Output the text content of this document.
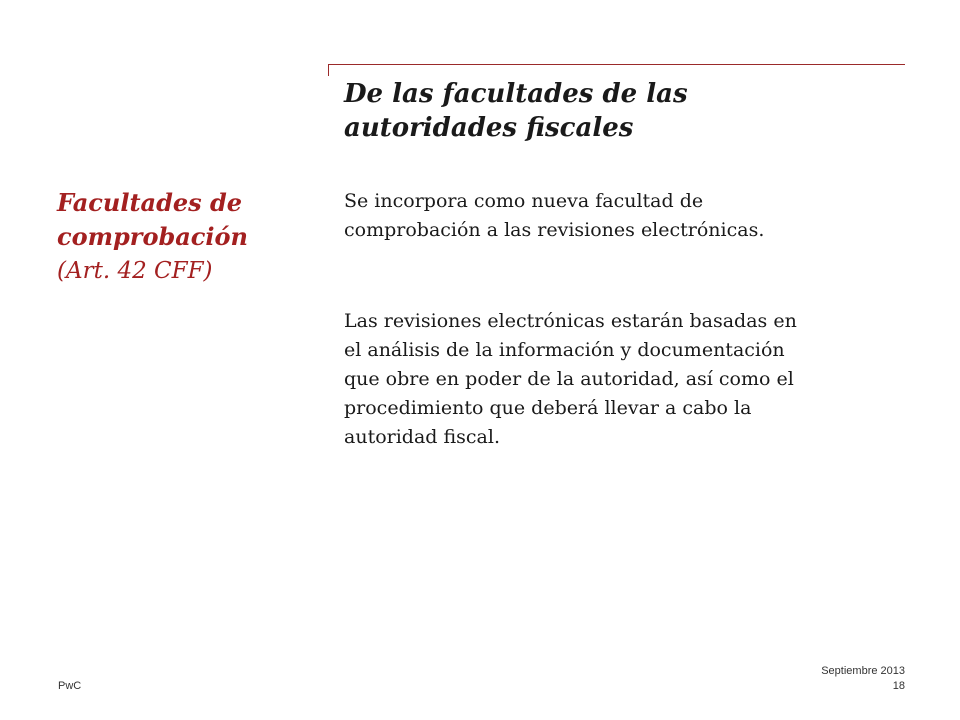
De las facultades de las
autoridades fiscales
Facultades de
comprobación
(Art. 42 CFF)
Se incorpora como nueva facultad de
comprobación a las revisiones electrónicas.
Las revisiones electrónicas estarán basadas en
el análisis de la información y documentación
que obre en poder de la autoridad, así como el
procedimiento que deberá llevar a cabo la
autoridad fiscal.
PwC
Septiembre 2013
18
